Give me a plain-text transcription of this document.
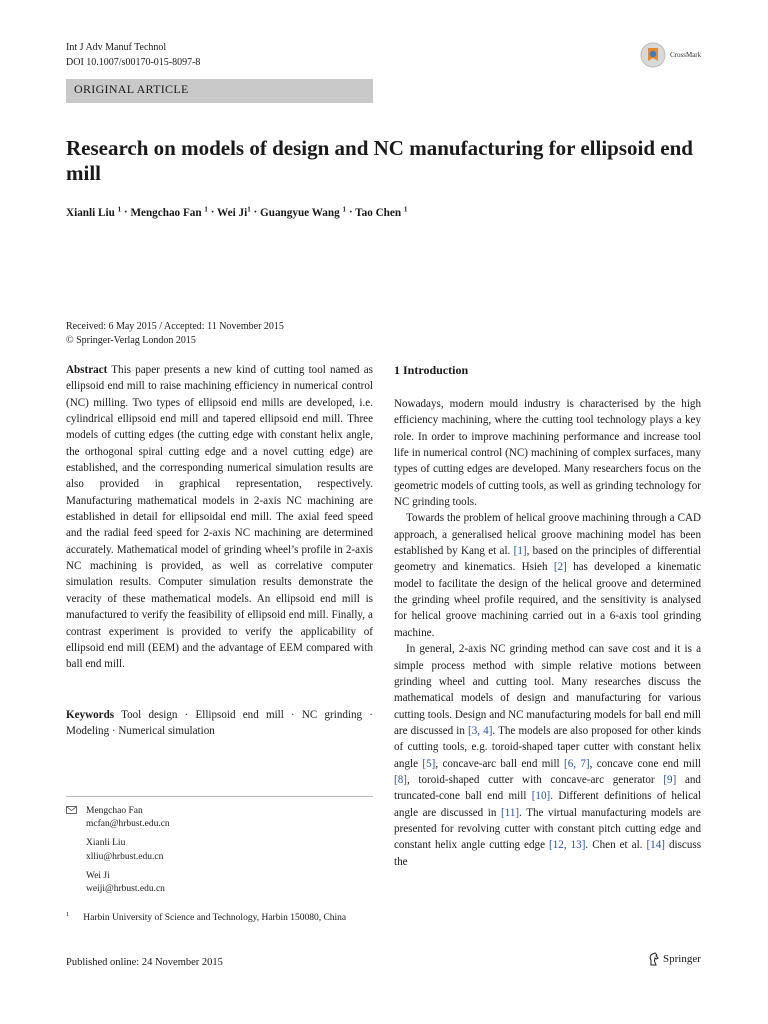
Int J Adv Manuf Technol
DOI 10.1007/s00170-015-8097-8
CrossMark
ORIGINAL ARTICLE
Research on models of design and NC manufacturing for ellipsoid end mill
Xianli Liu $^1$ · Mengchao Fan $^1$ · Wei $Ji^1$ · Guangyue Wang $^1$ · Tao Chen $^1$
Received: 6 May 2015 / Accepted: 11 November 2015
© Springer-Verlag London 2015

Abstract This paper presents a new kind of cutting tool named as ellipsoid end mill to raise machining efficiency in numerical control (NC) milling. Two types of ellipsoid end mills are developed, i.e. cylindrical ellipsoid end mill and tapered ellipsoid end mill. Three models of cutting edges (the cutting edge with constant helix angle, the orthogonal spiral cutting edge and a novel cutting edge) are established, and the corresponding numerical simulation results are also provided in graphical representation, respectively. Manufacturing mathematical models in 2-axis NC machining are established in detail for ellipsoidal end mill. The axial feed speed and the radial feed speed for 2-axis NC machining are determined accurately. Mathematical model of grinding wheel’s profile in 2-axis NC machining is provided, as well as correlative computer simulation results. Computer simulation results demonstrate the veracity of these mathematical models. An ellipsoid end mill is manufactured to verify the feasibility of ellipsoid end mill. Finally, a contrast experiment is provided to verify the applicability of ellipsoid end mill (EEM) and the advantage of EEM compared with ball end mill.

Keywords Tool design · Ellipsoid end mill · NC grinding · Modeling · Numerical simulation

Mengchao Fan
mcfan@hrbust.edu.cn
Xianli Liu
xlliu@hrbust.edu.cn
Wei Ji
weiji@hrbust.edu.cn
$^1$ Harbin University of Science and Technology, Harbin 150080, China
1 Introduction

Nowadays, modern mould industry is characterised by the high efficiency machining, where the cutting tool technology plays a key role. In order to improve machining performance and increase tool life in numerical control (NC) machining of complex surfaces, many types of cutting edges are developed. Many researchers focus on the geometric models of cutting tools, as well as grinding technology for NC grinding tools.

Towards the problem of helical groove machining through a CAD approach, a generalised helical groove machining model has been established by Kang et al. [1], based on the principles of differential geometry and kinematics. Hsieh [2] has developed a kinematic model to facilitate the design of the helical groove and determined the grinding wheel profile required, and the sensitivity is analysed for helical groove machining carried out in a 6-axis tool grinding machine.

In general, 2-axis NC grinding method can save cost and it is a simple process method with simple relative motions between grinding wheel and cutting tool. Many researches discuss the mathematical models of design and manufacturing for various cutting tools. Design and NC manufacturing models for ball end mill are discussed in [3, 4]. The models are also proposed for other kinds of cutting tools, e.g. toroid-shaped taper cutter with constant helix angle [5], concave-arc ball end mill [6, 7], concave cone end mill [8], toroid-shaped cutter with concave-arc generator [9] and truncated-cone ball end mill [10]. Different definitions of helical angle are discussed in [11]. The virtual manufacturing models are presented for revolving cutter with constant pitch cutting edge and constant helix angle cutting edge [12, 13]. Chen et al. [14] discuss the

Published online: 24 November 2015	Springer
